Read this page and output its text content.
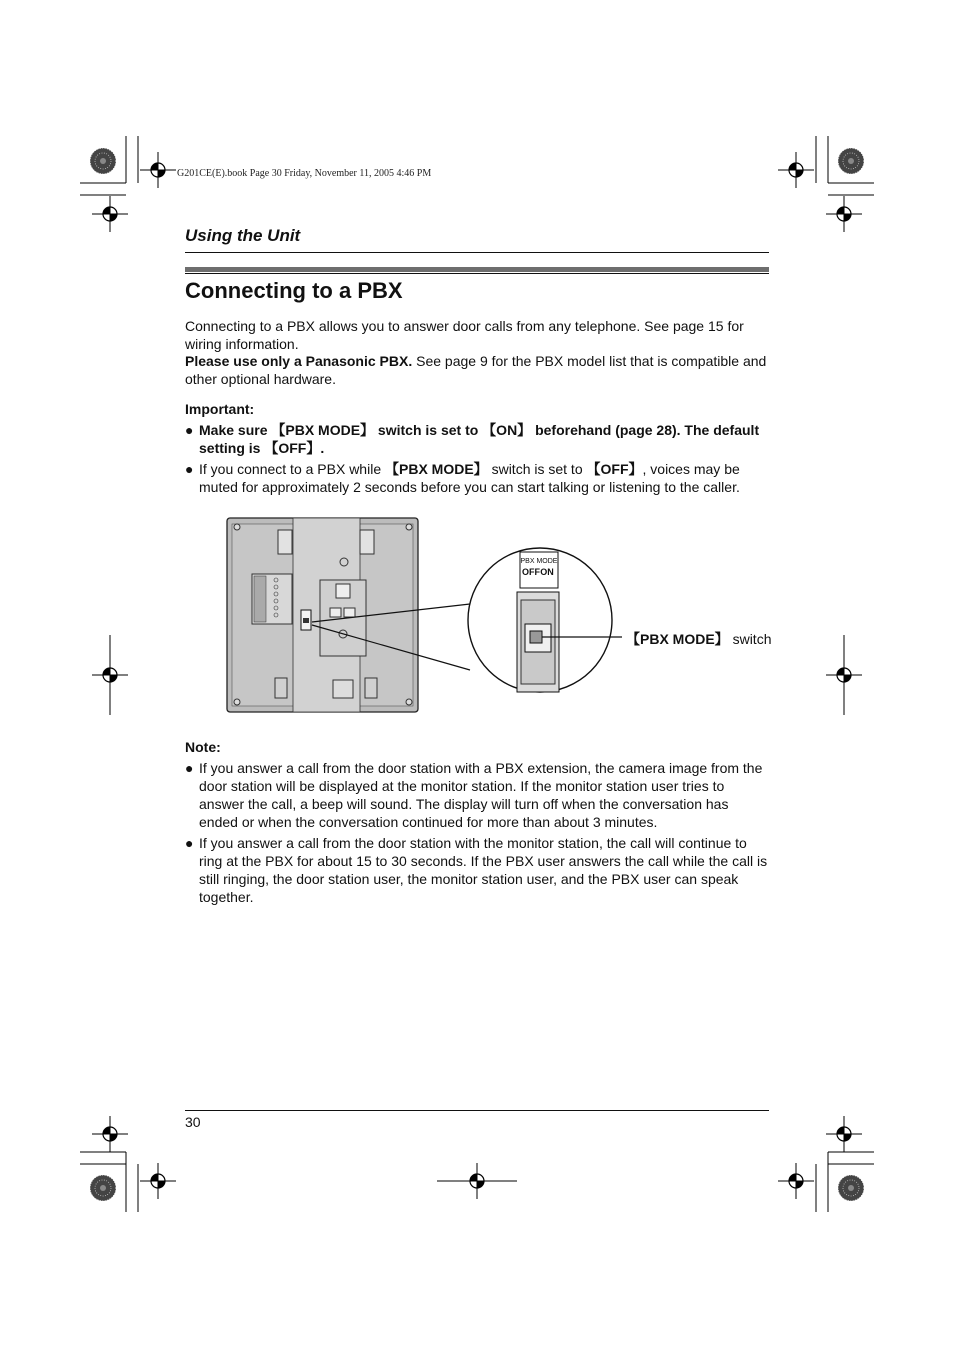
G201CE(E).book Page 30 Friday, November 11, 2005 4:46 PM
Using the Unit
Connecting to a PBX

Connecting to a PBX allows you to answer door calls from any telephone. See page 15 for wiring information.

Please use only a Panasonic PBX. See page 9 for the PBX model list that is compatible and other optional hardware.

Important:
● Make sure 【PBX MODE】 switch is set to 【ON】 beforehand (page 28). The default setting is 【OFF】.
● If you connect to a PBX while 【PBX MODE】 switch is set to 【OFF】, voices may be muted for approximately 2 seconds before you can start talking or listening to the caller.
PBX MODE
OFF ON
【PBX MODE】 switch
Note:
● If you answer a call from the door station with a PBX extension, the camera image from the door station will be displayed at the monitor station. If the monitor station user tries to answer the call, a beep will sound. The display will turn off when the conversation has ended or when the conversation continued for more than about 3 minutes.
● If you answer a call from the door station with the monitor station, the call will continue to ring at the PBX for about 15 to 30 seconds. If the PBX user answers the call while the call is still ringing, the door station user, the monitor station user, and the PBX user can speak together.
30
